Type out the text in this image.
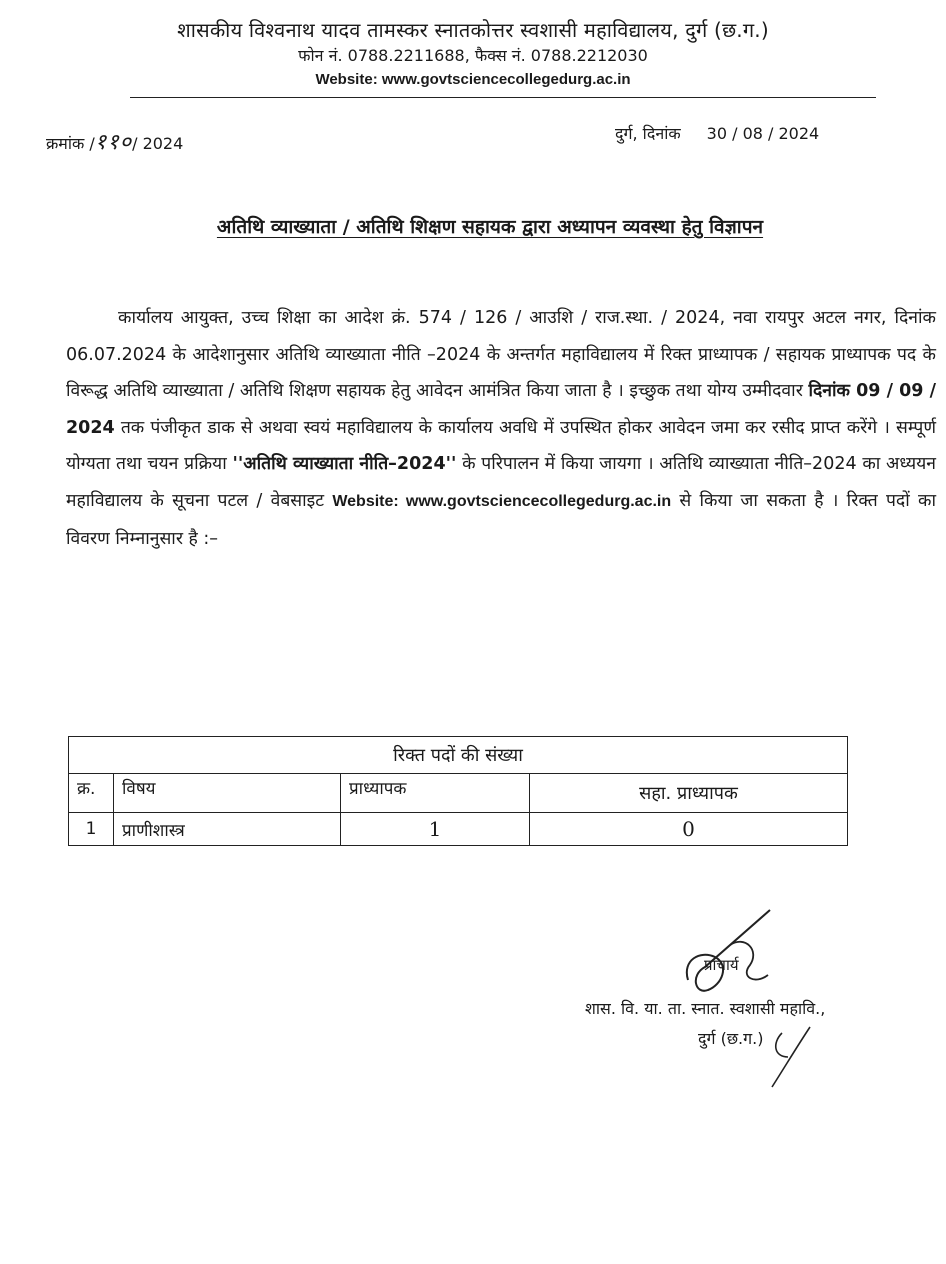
शासकीय विश्वनाथ यादव तामस्कर स्नातकोत्तर स्वशासी महाविद्यालय, दुर्ग (छ.ग.)
फोन नं. 0788.2211688, फैक्स नं. 0788.2212030
Website: www.govtsciencecollegedurg.ac.in
क्रमांक /११०/ 2024
दुर्ग, दिनांक 30 / 08 / 2024
अतिथि व्याख्याता / अतिथि शिक्षण सहायक द्वारा अध्यापन व्यवस्था हेतु विज्ञापन

कार्यालय आयुक्त, उच्च शिक्षा का आदेश क्रं. 574 / 126 / आउशि / राज.स्था. / 2024, नवा रायपुर अटल नगर, दिनांक 06.07.2024 के आदेशानुसार अतिथि व्याख्याता नीति –2024 के अन्तर्गत महाविद्यालय में रिक्त प्राध्यापक / सहायक प्राध्यापक पद के विरूद्ध अतिथि व्याख्याता / अतिथि शिक्षण सहायक हेतु आवेदन आमंत्रित किया जाता है । इच्छुक तथा योग्य उम्मीदवार दिनांक 09 / 09 / 2024 तक पंजीकृत डाक से अथवा स्वयं महाविद्यालय के कार्यालय अवधि में उपस्थित होकर आवेदन जमा कर रसीद प्राप्त करेंगे । सम्पूर्ण योग्यता तथा चयन प्रक्रिया ''अतिथि व्याख्याता नीति–2024'' के परिपालन में किया जायगा । अतिथि व्याख्याता नीति–2024 का अध्ययन महाविद्यालय के सूचना पटल / वेबसाइट Website: www.govtsciencecollegedurg.ac.in से किया जा सकता है । रिक्त पदों का विवरण निम्नानुसार है :–

रिक्त पदों की संख्या			
क्र.	विषय	प्राध्यापक	सहा. प्राध्यापक
1	प्राणीशास्त्र	1	0
प्राचार्य
शास. वि. या. ता. स्नात. स्वशासी महावि.,
दुर्ग (छ.ग.)
